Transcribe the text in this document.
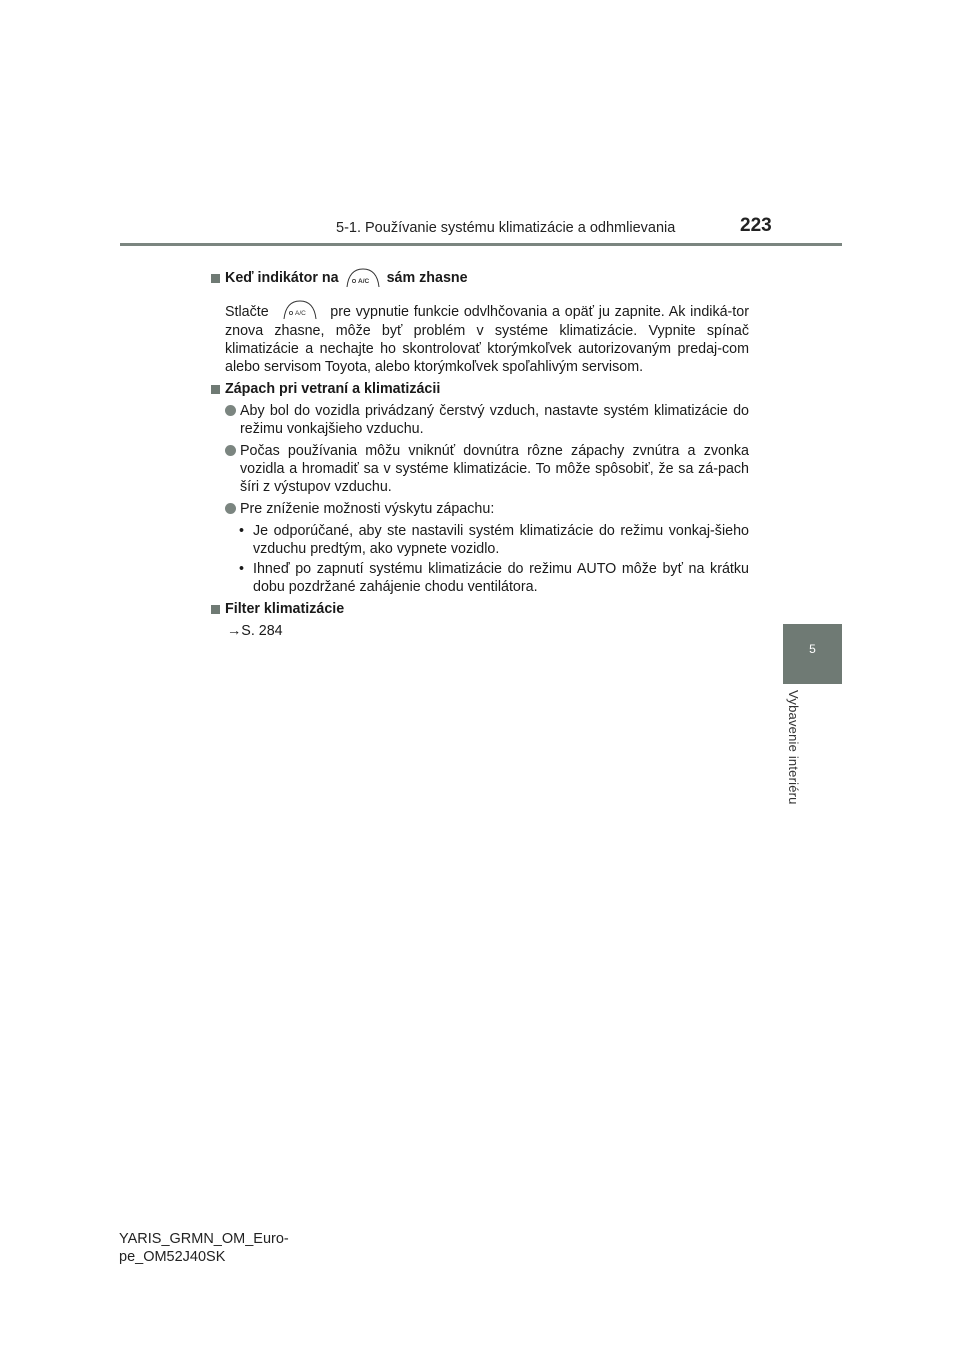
5-1. Používanie systému klimatizácie a odhmlievania	223
5
Vybavenie interiéru
Keď indikátor na	A/C sám zhasne

Stlačte	A/C pre vypnutie funkcie odvlhčovania a opäť ju zapnite. Ak indiká-tor znova zhasne, môže byť problém v systéme klimatizácie. Vypnite spínač klimatizácie a nechajte ho skontrolovať ktorýmkoľvek autorizovaným predaj-com alebo servisom Toyota, alebo ktorýmkoľvek spoľahlivým servisom.

Zápach pri vetraní a klimatizácii
Aby bol do vozidla privádzaný čerstvý vzduch, nastavte systém klimatizácie do režimu vonkajšieho vzduchu.
Počas používania môžu vniknúť dovnútra rôzne zápachy zvnútra a zvonka vozidla a hromadiť sa v systéme klimatizácie. To môže spôsobiť, že sa zá-pach šíri z výstupov vzduchu.
Pre zníženie možnosti výskytu zápachu:
• Je odporúčané, aby ste nastavili systém klimatizácie do režimu vonkaj-šieho vzduchu predtým, ako vypnete vozidlo.
• Ihneď po zapnutí systému klimatizácie do režimu AUTO môže byť na krátku dobu pozdržané zahájenie chodu ventilátora.
Filter klimatizácie

→S. 284

YARIS_GRMN_OM_Euro-
pe_OM52J40SK
